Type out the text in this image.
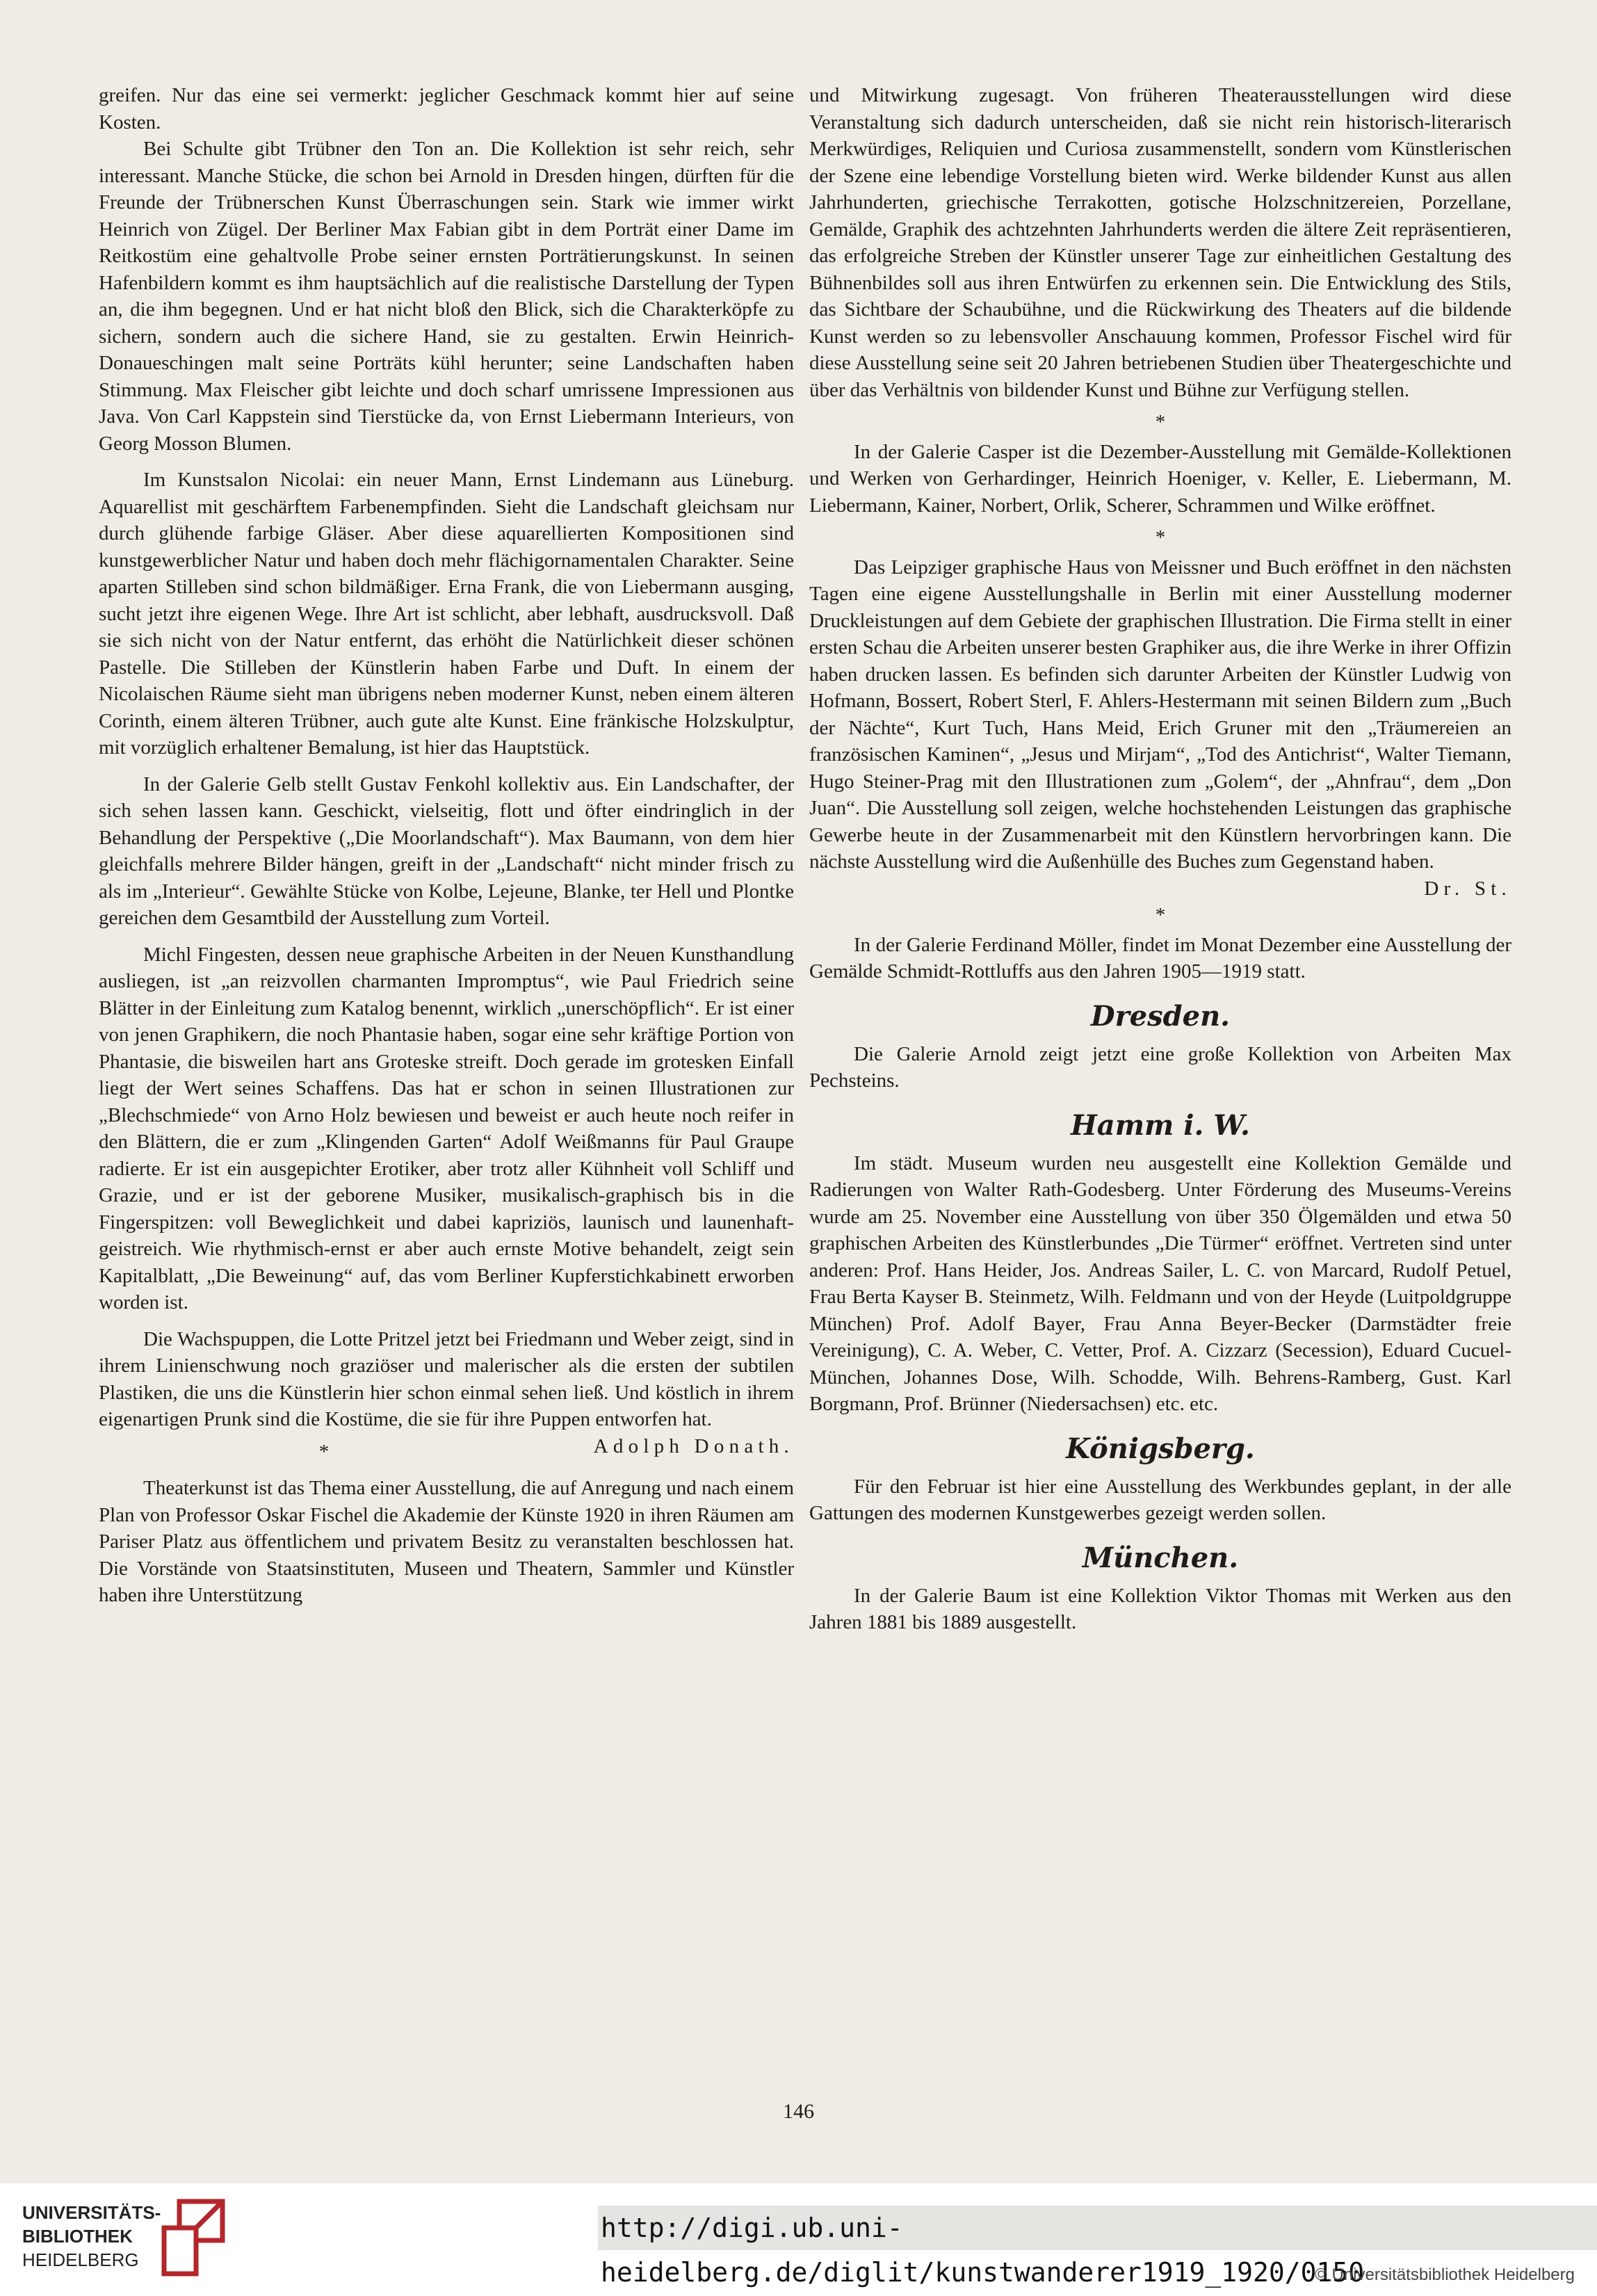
greifen. Nur das eine sei vermerkt: jeglicher Geschmack kommt hier auf seine Kosten.

Bei Schulte gibt Trübner den Ton an. Die Kollektion ist sehr reich, sehr interessant. Manche Stücke, die schon bei Arnold in Dresden hingen, dürften für die Freunde der Trübnerschen Kunst Überraschungen sein. Stark wie immer wirkt Heinrich von Zügel. Der Berliner Max Fabian gibt in dem Porträt einer Dame im Reitkostüm eine gehaltvolle Probe seiner ernsten Porträtierungskunst. In seinen Hafenbildern kommt es ihm hauptsächlich auf die realistische Darstellung der Typen an, die ihm begegnen. Und er hat nicht bloß den Blick, sich die Charakterköpfe zu sichern, sondern auch die sichere Hand, sie zu gestalten. Erwin Heinrich-Donaueschingen malt seine Porträts kühl herunter; seine Landschaften haben Stimmung. Max Fleischer gibt leichte und doch scharf umrissene Impressionen aus Java. Von Carl Kappstein sind Tierstücke da, von Ernst Liebermann Interieurs, von Georg Mosson Blumen.

Im Kunstsalon Nicolai: ein neuer Mann, Ernst Lindemann aus Lüneburg. Aquarellist mit geschärftem Farbenempfinden. Sieht die Landschaft gleichsam nur durch glühende farbige Gläser. Aber diese aquarellierten Kompositionen sind kunstgewerblicher Natur und haben doch mehr flächigornamentalen Charakter. Seine aparten Stilleben sind schon bildmäßiger. Erna Frank, die von Liebermann ausging, sucht jetzt ihre eigenen Wege. Ihre Art ist schlicht, aber lebhaft, ausdrucksvoll. Daß sie sich nicht von der Natur entfernt, das erhöht die Natürlichkeit dieser schönen Pastelle. Die Stilleben der Künstlerin haben Farbe und Duft. In einem der Nicolaischen Räume sieht man übrigens neben moderner Kunst, neben einem älteren Corinth, einem älteren Trübner, auch gute alte Kunst. Eine fränkische Holzskulptur, mit vorzüglich erhaltener Bemalung, ist hier das Hauptstück.

In der Galerie Gelb stellt Gustav Fenkohl kollektiv aus. Ein Landschafter, der sich sehen lassen kann. Geschickt, vielseitig, flott und öfter eindringlich in der Behandlung der Perspektive („Die Moorlandschaft“). Max Baumann, von dem hier gleichfalls mehrere Bilder hängen, greift in der „Landschaft“ nicht minder frisch zu als im „Interieur“. Gewählte Stücke von Kolbe, Lejeune, Blanke, ter Hell und Plontke gereichen dem Gesamtbild der Ausstellung zum Vorteil.

Michl Fingesten, dessen neue graphische Arbeiten in der Neuen Kunsthandlung ausliegen, ist „an reizvollen charmanten Impromptus“, wie Paul Friedrich seine Blätter in der Einleitung zum Katalog benennt, wirklich „unerschöpflich“. Er ist einer von jenen Graphikern, die noch Phantasie haben, sogar eine sehr kräftige Portion von Phantasie, die bisweilen hart ans Groteske streift. Doch gerade im grotesken Einfall liegt der Wert seines Schaffens. Das hat er schon in seinen Illustrationen zur „Blechschmiede“ von Arno Holz bewiesen und beweist er auch heute noch reifer in den Blättern, die er zum „Klingenden Garten“ Adolf Weißmanns für Paul Graupe radierte. Er ist ein ausgepichter Erotiker, aber trotz aller Kühnheit voll Schliff und Grazie, und er ist der geborene Musiker, musikalisch-graphisch bis in die Fingerspitzen: voll Beweglichkeit und dabei kapriziös, launisch und launenhaft-geistreich. Wie rhythmisch-ernst er aber auch ernste Motive behandelt, zeigt sein Kapitalblatt, „Die Beweinung“ auf, das vom Berliner Kupferstichkabinett erworben worden ist.

Die Wachspuppen, die Lotte Pritzel jetzt bei Friedmann und Weber zeigt, sind in ihrem Linienschwung noch graziöser und malerischer als die ersten der subtilen Plastiken, die uns die Künstlerin hier schon einmal sehen ließ. Und köstlich in ihrem eigenartigen Prunk sind die Kostüme, die sie für ihre Puppen entworfen hat.
Adolph Donath.

*

Theaterkunst ist das Thema einer Ausstellung, die auf Anregung und nach einem Plan von Professor Oskar Fischel die Akademie der Künste 1920 in ihren Räumen am Pariser Platz aus öffentlichem und privatem Besitz zu veranstalten beschlossen hat. Die Vorstände von Staatsinstituten, Museen und Theatern, Sammler und Künstler haben ihre Unterstützung

und Mitwirkung zugesagt. Von früheren Theaterausstellungen wird diese Veranstaltung sich dadurch unterscheiden, daß sie nicht rein historisch-literarisch Merkwürdiges, Reliquien und Curiosa zusammenstellt, sondern vom Künstlerischen der Szene eine lebendige Vorstellung bieten wird. Werke bildender Kunst aus allen Jahrhunderten, griechische Terrakotten, gotische Holzschnitzereien, Porzellane, Gemälde, Graphik des achtzehnten Jahrhunderts werden die ältere Zeit repräsentieren, das erfolgreiche Streben der Künstler unserer Tage zur einheitlichen Gestaltung des Bühnenbildes soll aus ihren Entwürfen zu erkennen sein. Die Entwicklung des Stils, das Sichtbare der Schaubühne, und die Rückwirkung des Theaters auf die bildende Kunst werden so zu lebensvoller Anschauung kommen, Professor Fischel wird für diese Ausstellung seine seit 20 Jahren betriebenen Studien über Theatergeschichte und über das Verhältnis von bildender Kunst und Bühne zur Verfügung stellen.

*

In der Galerie Casper ist die Dezember-Ausstellung mit Gemälde-Kollektionen und Werken von Gerhardinger, Heinrich Hoeniger, v. Keller, E. Liebermann, M. Liebermann, Kainer, Norbert, Orlik, Scherer, Schrammen und Wilke eröffnet.

*

Das Leipziger graphische Haus von Meissner und Buch eröffnet in den nächsten Tagen eine eigene Ausstellungshalle in Berlin mit einer Ausstellung moderner Druckleistungen auf dem Gebiete der graphischen Illustration. Die Firma stellt in einer ersten Schau die Arbeiten unserer besten Graphiker aus, die ihre Werke in ihrer Offizin haben drucken lassen. Es befinden sich darunter Arbeiten der Künstler Ludwig von Hofmann, Bossert, Robert Sterl, F. Ahlers-Hestermann mit seinen Bildern zum „Buch der Nächte“, Kurt Tuch, Hans Meid, Erich Gruner mit den „Träumereien an französischen Kaminen“, „Jesus und Mirjam“, „Tod des Antichrist“, Walter Tiemann, Hugo Steiner-Prag mit den Illustrationen zum „Golem“, der „Ahnfrau“, dem „Don Juan“. Die Ausstellung soll zeigen, welche hochstehenden Leistungen das graphische Gewerbe heute in der Zusammenarbeit mit den Künstlern hervorbringen kann. Die nächste Ausstellung wird die Außenhülle des Buches zum Gegenstand haben.
Dr. St.

*

In der Galerie Ferdinand Möller, findet im Monat Dezember eine Ausstellung der Gemälde Schmidt-Rottluffs aus den Jahren 1905—1919 statt.

Dresden.

Die Galerie Arnold zeigt jetzt eine große Kollektion von Arbeiten Max Pechsteins.

Hamm i. W.

Im städt. Museum wurden neu ausgestellt eine Kollektion Gemälde und Radierungen von Walter Rath-Godesberg. Unter Förderung des Museums-Vereins wurde am 25. November eine Ausstellung von über 350 Ölgemälden und etwa 50 graphischen Arbeiten des Künstlerbundes „Die Türmer“ eröffnet. Vertreten sind unter anderen: Prof. Hans Heider, Jos. Andreas Sailer, L. C. von Marcard, Rudolf Petuel, Frau Berta Kayser B. Steinmetz, Wilh. Feldmann und von der Heyde (Luitpoldgruppe München) Prof. Adolf Bayer, Frau Anna Beyer-Becker (Darmstädter freie Vereinigung), C. A. Weber, C. Vetter, Prof. A. Cizzarz (Secession), Eduard Cucuel-München, Johannes Dose, Wilh. Schodde, Wilh. Behrens-Ramberg, Gust. Karl Borgmann, Prof. Brünner (Niedersachsen) etc. etc.

Königsberg.

Für den Februar ist hier eine Ausstellung des Werkbundes geplant, in der alle Gattungen des modernen Kunstgewerbes gezeigt werden sollen.

München.

In der Galerie Baum ist eine Kollektion Viktor Thomas mit Werken aus den Jahren 1881 bis 1889 ausgestellt.

146
UNIVERSITÄTS-
BIBLIOTHEK
HEIDELBERG
http://digi.ub.uni-heidelberg.de/diglit/kunstwanderer1919_1920/0150
© Universitätsbibliothek Heidelberg
